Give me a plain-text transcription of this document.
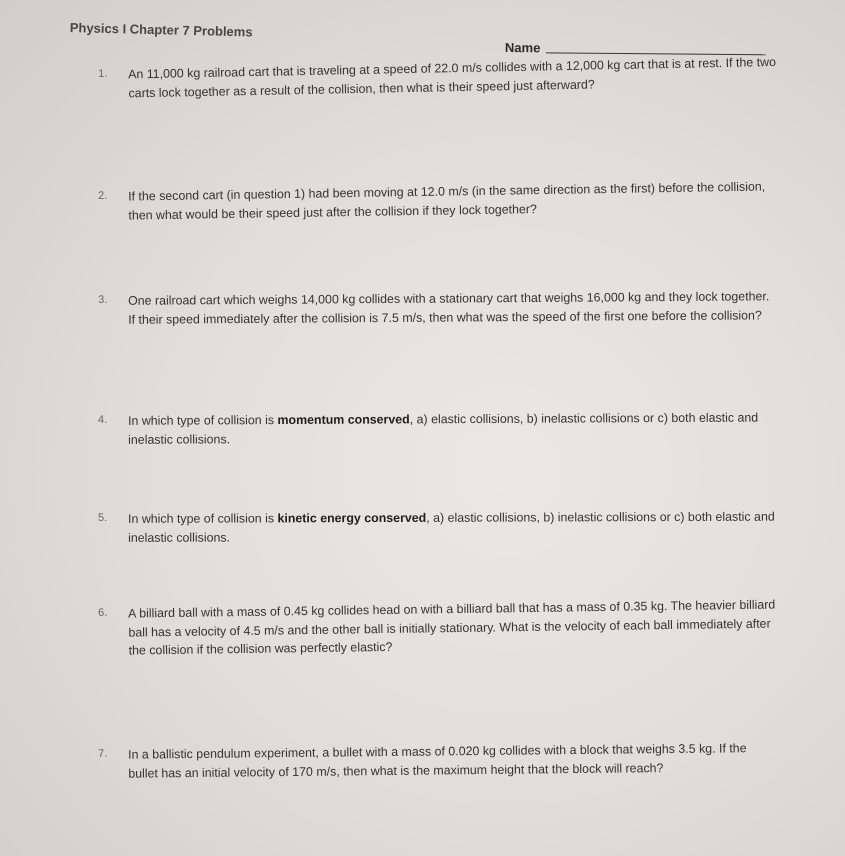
Physics I Chapter 7 Problems
Name
1.	An 11,000 kg railroad cart that is traveling at a speed of 22.0 m/s collides with a 12,000 kg cart that is at rest. If the two carts lock together as a result of the collision, then what is their speed just afterward?
2.	If the second cart (in question 1) had been moving at 12.0 m/s (in the same direction as the first) before the collision, then what would be their speed just after the collision if they lock together?
3.	One railroad cart which weighs 14,000 kg collides with a stationary cart that weighs 16,000 kg and they lock together. If their speed immediately after the collision is 7.5 m/s, then what was the speed of the first one before the collision?
4.	In which type of collision is momentum conserved, a) elastic collisions, b) inelastic collisions or c) both elastic and inelastic collisions.
5.	In which type of collision is kinetic energy conserved, a) elastic collisions, b) inelastic collisions or c) both elastic and inelastic collisions.
6.	A billiard ball with a mass of 0.45 kg collides head on with a billiard ball that has a mass of 0.35 kg. The heavier billiard ball has a velocity of 4.5 m/s and the other ball is initially stationary. What is the velocity of each ball immediately after the collision if the collision was perfectly elastic?
7.	In a ballistic pendulum experiment, a bullet with a mass of 0.020 kg collides with a block that weighs 3.5 kg. If the bullet has an initial velocity of 170 m/s, then what is the maximum height that the block will reach?
